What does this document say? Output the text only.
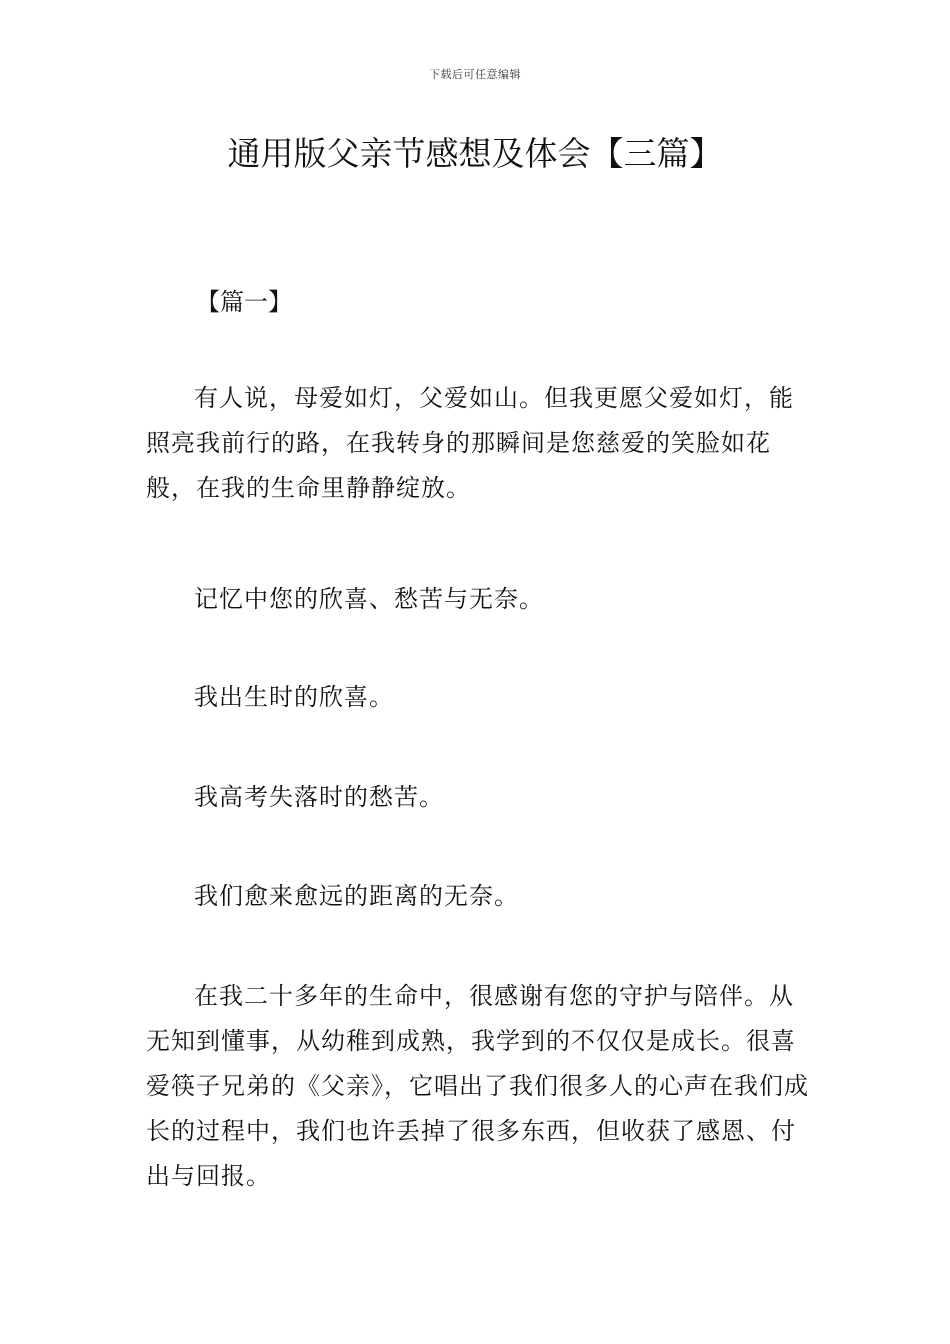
下载后可任意编辑
通用版父亲节感想及体会【三篇】

【篇一】

有人说，母爱如灯，父爱如山。但我更愿父爱如灯，能照亮我前行的路，在我转身的那瞬间是您慈爱的笑脸如花般，在我的生命里静静绽放。

记忆中您的欣喜、愁苦与无奈。

我出生时的欣喜。

我高考失落时的愁苦。

我们愈来愈远的距离的无奈。

在我二十多年的生命中，很感谢有您的守护与陪伴。从无知到懂事，从幼稚到成熟，我学到的不仅仅是成长。很喜爱筷子兄弟的《父亲》，它唱出了我们很多人的心声在我们成长的过程中，我们也许丢掉了很多东西，但收获了感恩、付出与回报。
